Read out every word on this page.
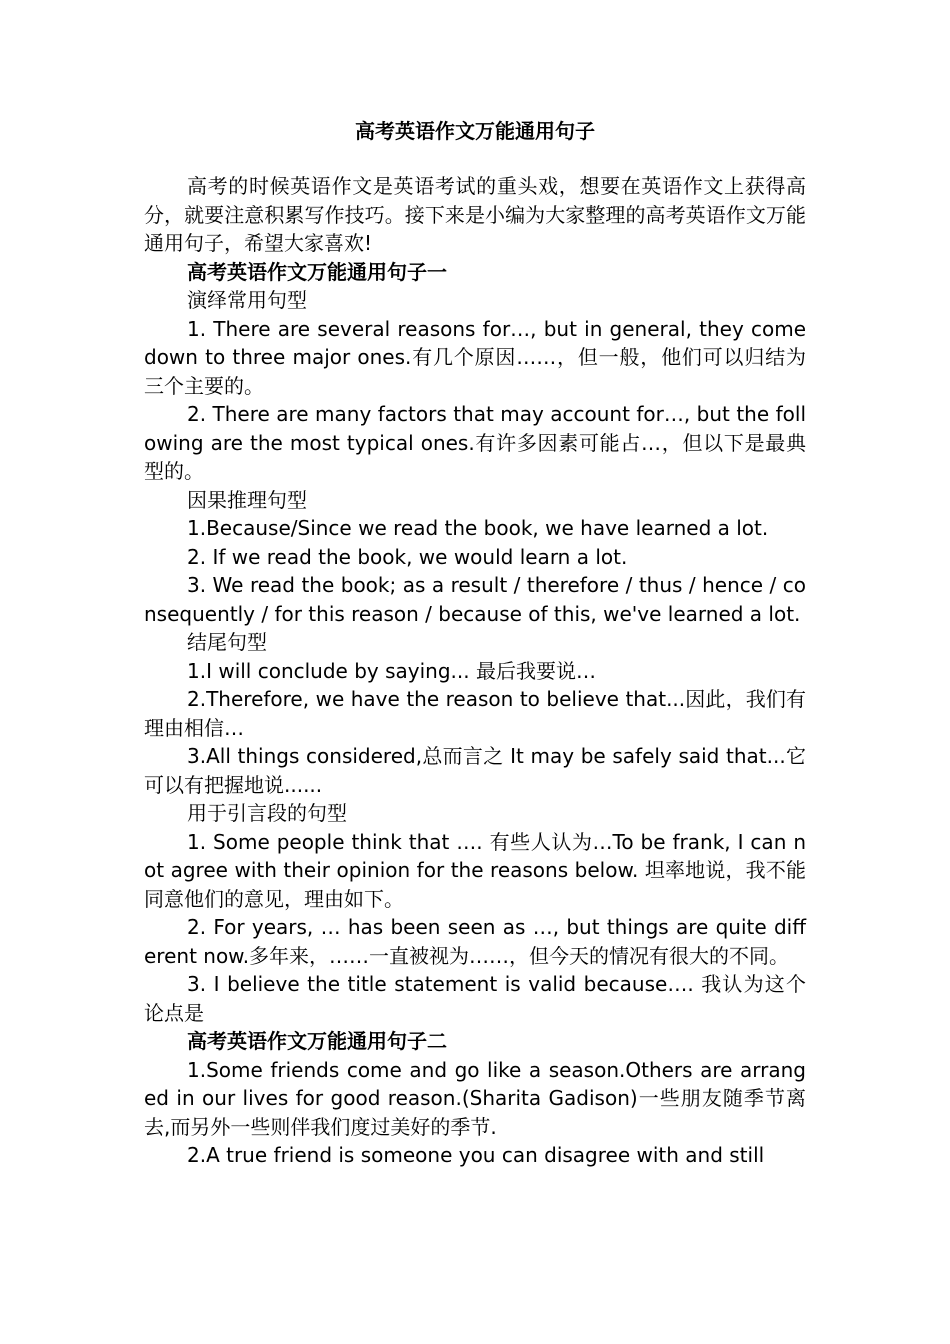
高考英语作文万能通用句子

高考的时候英语作文是英语考试的重头戏，想要在英语作文上获得高分，就要注意积累写作技巧。接下来是小编为大家整理的高考英语作文万能通用句子，希望大家喜欢!

高考英语作文万能通用句子一

演绎常用句型

1. There are several reasons for…, but in general, they come down to three major ones.有几个原因……，但一般，他们可以归结为三个主要的。

2. There are many factors that may account for…, but the following are the most typical ones.有许多因素可能占…，但以下是最典型的。

因果推理句型

1.Because/Since we read the book, we have learned a lot.

2. If we read the book, we would learn a lot.

3. We read the book; as a result / therefore / thus / hence / consequently / for this reason / because of this, we've learned a lot.

结尾句型

1.I will conclude by saying... 最后我要说…

2.Therefore, we have the reason to believe that...因此，我们有理由相信…

3.All things considered,总而言之 It may be safely said that...它可以有把握地说......

用于引言段的句型

1. Some people think that …. 有些人认为…To be frank, I can not agree with their opinion for the reasons below. 坦率地说，我不能同意他们的意见，理由如下。

2. For years, … has been seen as …, but things are quite different now.多年来，……一直被视为……，但今天的情况有很大的不同。

3. I believe the title statement is valid because…. 我认为这个论点是

高考英语作文万能通用句子二

1.Some friends come and go like a season.Others are arranged in our lives for good reason.(Sharita Gadison)一些朋友随季节离去,而另外一些则伴我们度过美好的季节.

2.A true friend is someone you can disagree with and still
